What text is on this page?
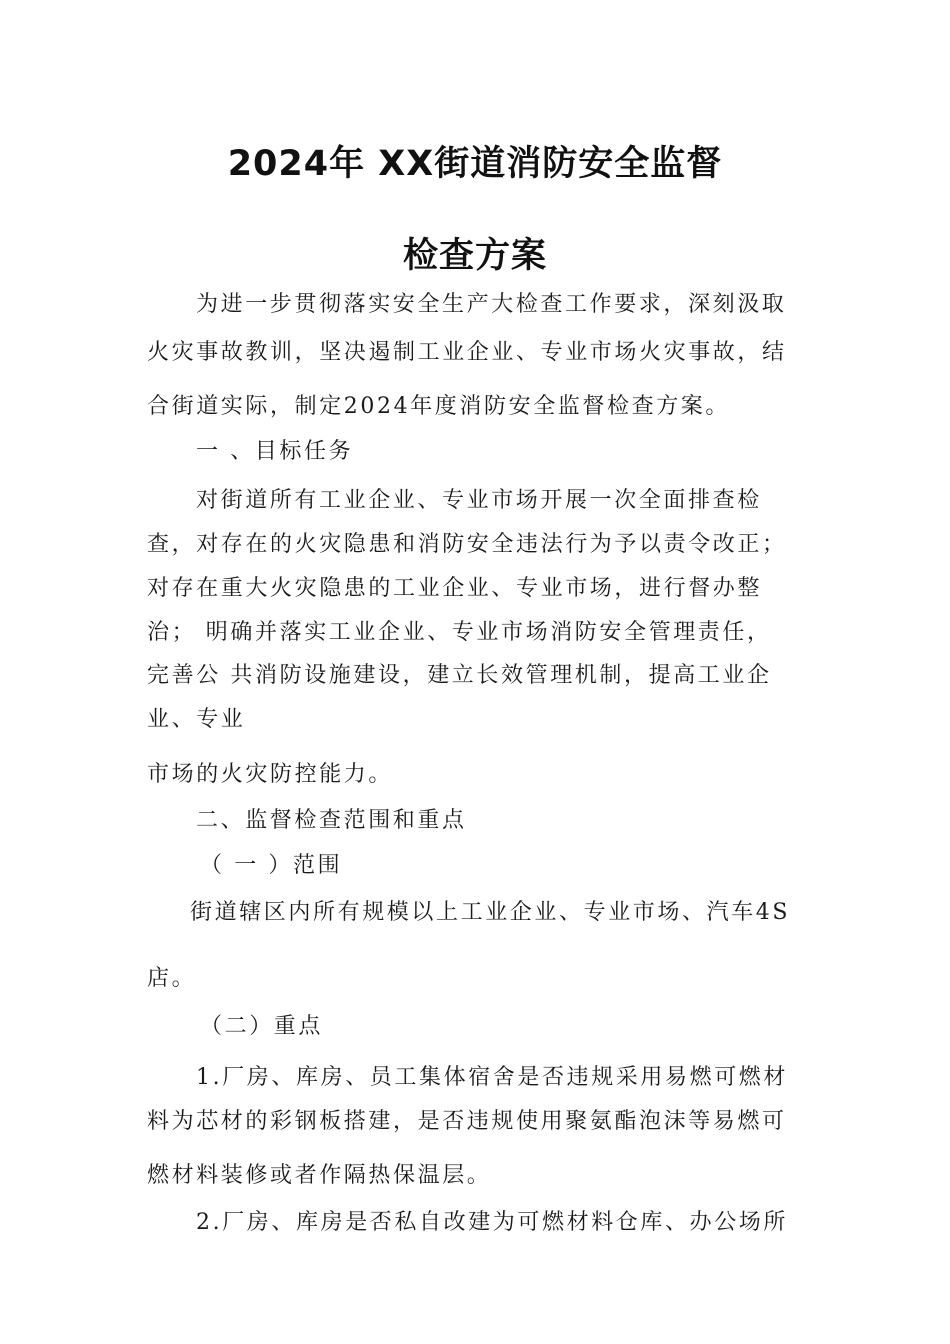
2024年 XX街道消防安全监督
检查方案
为进一步贯彻落实安全生产大检查工作要求，深刻汲取
火灾事故教训，坚决遏制工业企业、专业市场火灾事故，结
合街道实际，制定2024年度消防安全监督检查方案。
一 、目标任务
对街道所有工业企业、专业市场开展一次全面排查检
查，对存在的火灾隐患和消防安全违法行为予以责令改正；
对存在重大火灾隐患的工业企业、专业市场，进行督办整
治； 明确并落实工业企业、专业市场消防安全管理责任，
完善公 共消防设施建设，建立长效管理机制，提高工业企
业、专业
市场的火灾防控能力。
二、监督检查范围和重点
（ 一 ）范围
街道辖区内所有规模以上工业企业、专业市场、汽车4S
店。
（二）重点
1.厂房、库房、员工集体宿舍是否违规采用易燃可燃材
料为芯材的彩钢板搭建，是否违规使用聚氨酯泡沫等易燃可
燃材料装修或者作隔热保温层。
2.厂房、库房是否私自改建为可燃材料仓库、办公场所
